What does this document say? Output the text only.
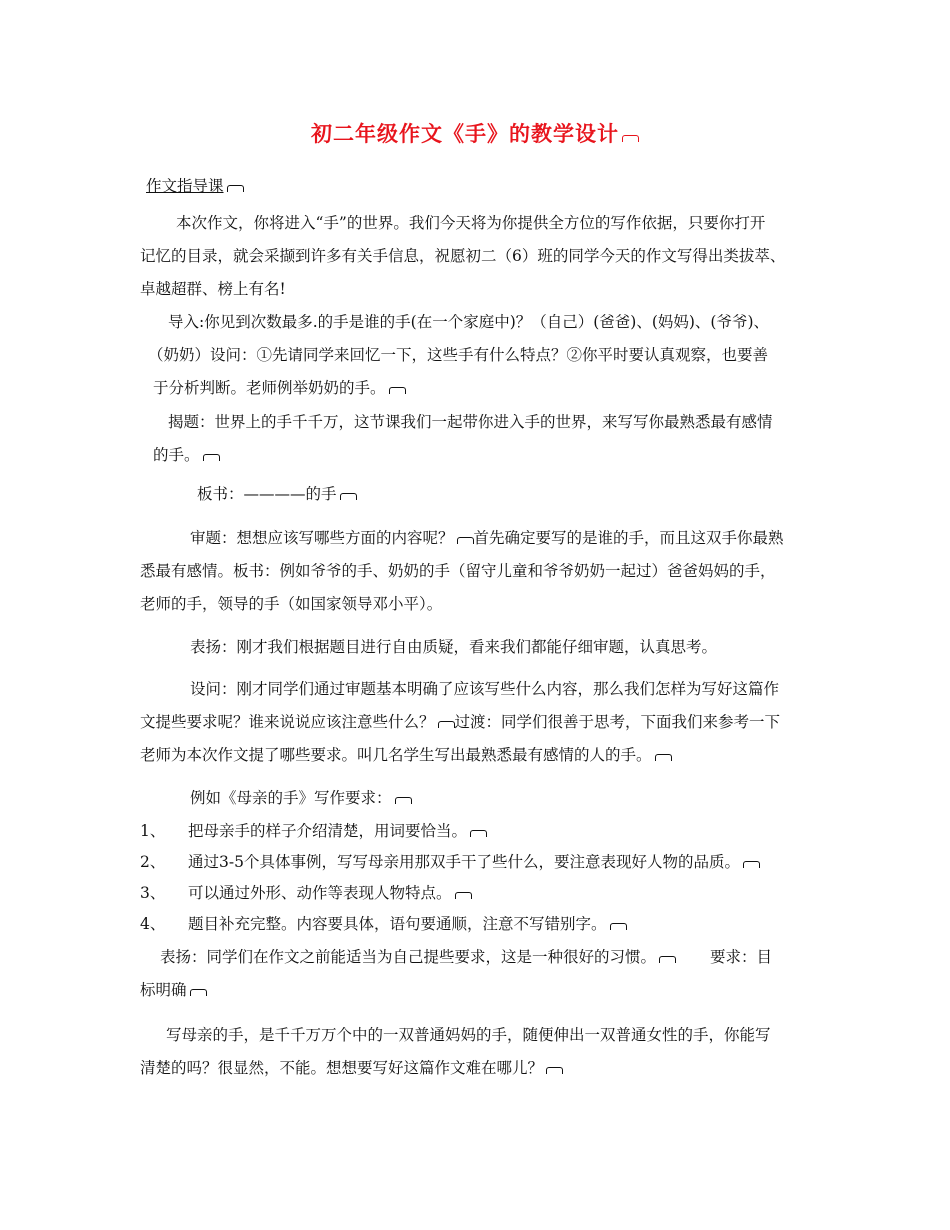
初二年级作文《手》的教学设计
作文指导课
本次作文，你将进入“手”的世界。我们今天将为你提供全方位的写作依据，只要你打开
记忆的目录，就会采撷到许多有关手信息，祝愿初二（6）班的同学今天的作文写得出类拔萃、
卓越超群、榜上有名!
导入:你见到次数最多.的手是谁的手(在一个家庭中)？（自己）(爸爸)、(妈妈)、(爷爷)、
（奶奶）设问：①先请同学来回忆一下，这些手有什么特点？②你平时要认真观察，也要善
于分析判断。老师例举奶奶的手。
揭题：世界上的手千千万，这节课我们一起带你进入手的世界，来写写你最熟悉最有感情
的手。
板书：————的手
审题：想想应该写哪些方面的内容呢？ 首先确定要写的是谁的手，而且这双手你最熟
悉最有感情。板书：例如爷爷的手、奶奶的手（留守儿童和爷爷奶奶一起过）爸爸妈妈的手，
老师的手，领导的手（如国家领导邓小平）。
表扬：刚才我们根据题目进行自由质疑，看来我们都能仔细审题，认真思考。
设问：刚才同学们通过审题基本明确了应该写些什么内容，那么我们怎样为写好这篇作
文提些要求呢？谁来说说应该注意些什么？ 过渡：同学们很善于思考，下面我们来参考一下
老师为本次作文提了哪些要求。叫几名学生写出最熟悉最有感情的人的手。
例如《母亲的手》写作要求：
1、 把母亲手的样子介绍清楚，用词要恰当。
2、 通过3-5个具体事例，写写母亲用那双手干了些什么，要注意表现好人物的品质。
3、 可以通过外形、动作等表现人物特点。
4、 题目补充完整。内容要具体，语句要通顺，注意不写错别字。
表扬：同学们在作文之前能适当为自己提些要求，这是一种很好的习惯。	要求：目
标明确
写母亲的手，是千千万万个中的一双普通妈妈的手，随便伸出一双普通女性的手，你能写
清楚的吗？很显然，不能。想想要写好这篇作文难在哪儿？
